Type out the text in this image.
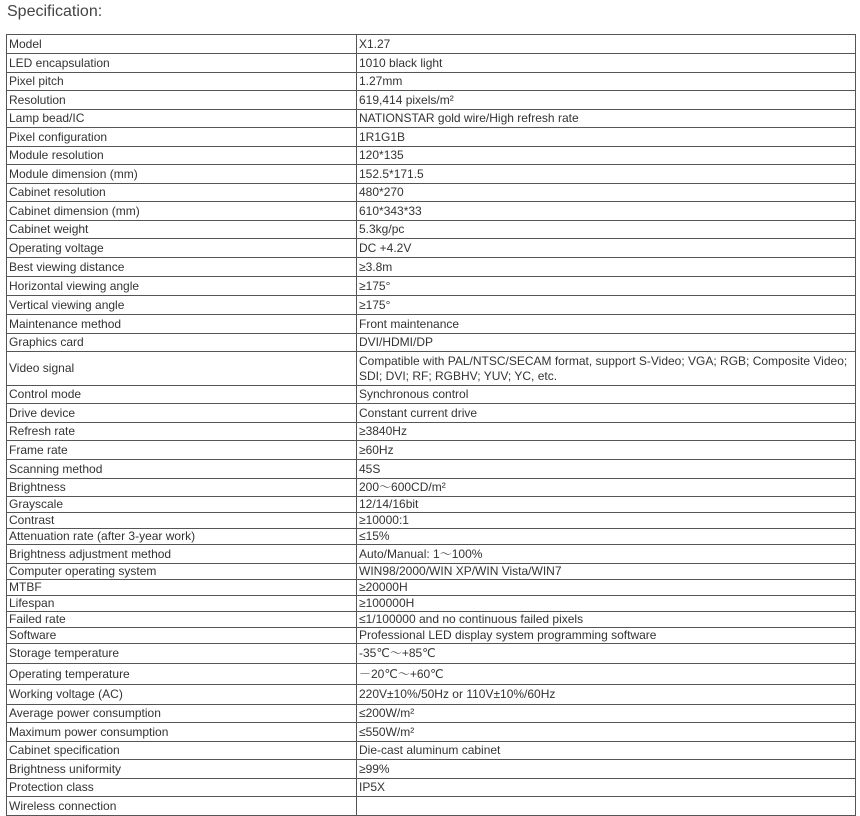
Specification:
Model	X1.27
LED encapsulation	1010 black light
Pixel pitch	1.27mm
Resolution	619,414 pixels/m²
Lamp bead/IC	NATIONSTAR gold wire/High refresh rate
Pixel configuration	1R1G1B
Module resolution	120*135
Module dimension (mm)	152.5*171.5
Cabinet resolution	480*270
Cabinet dimension (mm)	610*343*33
Cabinet weight	5.3kg/pc
Operating voltage	DC +4.2V
Best viewing distance	≥3.8m
Horizontal viewing angle	≥175°
Vertical viewing angle	≥175°
Maintenance method	Front maintenance
Graphics card	DVI/HDMI/DP
Video signal	Compatible with PAL/NTSC/SECAM format, support S-Video; VGA; RGB; Composite Video; SDI; DVI; RF; RGBHV; YUV; YC, etc.
Control mode	Synchronous control
Drive device	Constant current drive
Refresh rate	≥3840Hz
Frame rate	≥60Hz
Scanning method	45S
Brightness	200～600CD/m²
Grayscale	12/14/16bit
Contrast	≥10000:1
Attenuation rate (after 3-year work)	≤15%
Brightness adjustment method	Auto/Manual: 1～100%
Computer operating system	WIN98/2000/WIN XP/WIN Vista/WIN7
MTBF	≥20000H
Lifespan	≥100000H
Failed rate	≤1/100000 and no continuous failed pixels
Software	Professional LED display system programming software
Storage temperature	-35℃～+85℃
Operating temperature	－20℃～+60℃
Working voltage (AC)	220V±10%/50Hz or 110V±10%/60Hz
Average power consumption	≤200W/m²
Maximum power consumption	≤550W/m²
Cabinet specification	Die-cast aluminum cabinet
Brightness uniformity	≥99%
Protection class	IP5X
Wireless connection	
